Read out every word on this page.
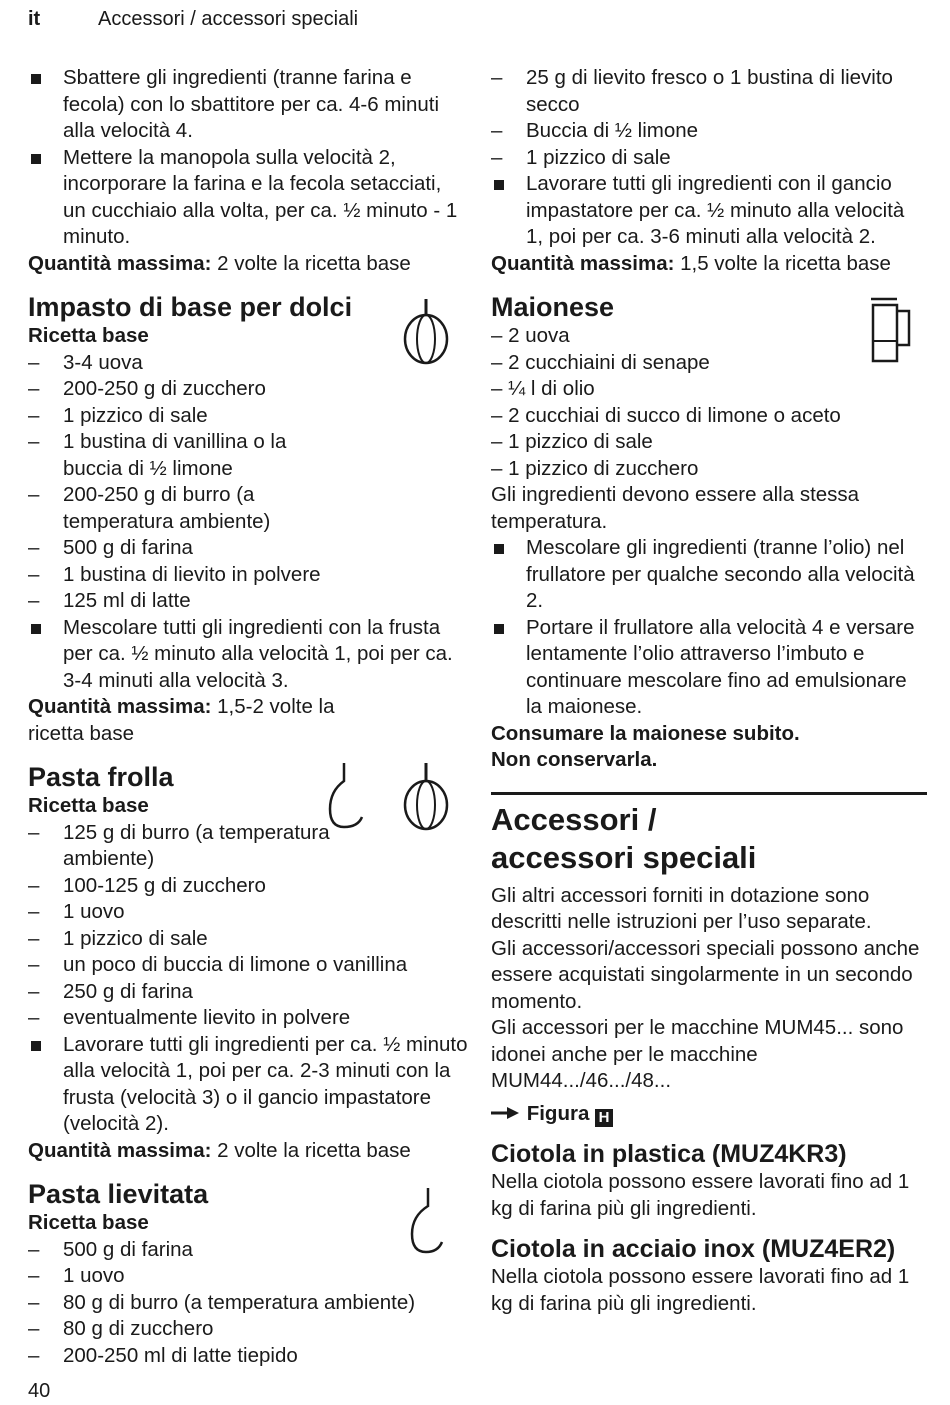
it	Accessori / accessori speciali
Sbattere gli ingredienti (tranne farina e fecola) con lo sbattitore per ca. 4-6 minuti alla velocità 4.
Mettere la manopola sulla velocità 2, incorporare la farina e la fecola setacciati, un cucchiaio alla volta, per ca. ½ minuto - 1 minuto.
Quantità massima: 2 volte la ricetta base
Impasto di base per dolci
Ricetta base
– 3-4 uova
– 200-250 g di zucchero
– 1 pizzico di sale
– 1 bustina di vanillina o la buccia di ½ limone
– 200-250 g di burro (a temperatura ambiente)
– 500 g di farina
– 1 bustina di lievito in polvere
– 125 ml di latte
Mescolare tutti gli ingredienti con la frusta per ca. ½ minuto alla velocità 1, poi per ca. 3-4 minuti alla velocità 3.
Quantità massima: 1,5-2 volte la ricetta base
Pasta frolla
Ricetta base
– 125 g di burro (a temperatura ambiente)
– 100-125 g di zucchero
– 1 uovo
– 1 pizzico di sale
– un poco di buccia di limone o vanillina
– 250 g di farina
– eventualmente lievito in polvere
Lavorare tutti gli ingredienti per ca. ½ minuto alla velocità 1, poi per ca. 2-3 minuti con la frusta (velocità 3) o il gancio impastatore (velocità 2).
Quantità massima: 2 volte la ricetta base
Pasta lievitata
Ricetta base
– 500 g di farina
– 1 uovo
– 80 g di burro (a temperatura ambiente)
– 80 g di zucchero
– 200-250 ml di latte tiepido
– 25 g di lievito fresco o 1 bustina di lievito secco
– Buccia di ½ limone
– 1 pizzico di sale
Lavorare tutti gli ingredienti con il gancio impastatore per ca. ½ minuto alla velocità 1, poi per ca. 3-6 minuti alla velocità 2.
Quantità massima: 1,5 volte la ricetta base
Maionese
– 2 uova
– 2 cucchiaini di senape
– ¼ l di olio
– 2 cucchiai di succo di limone o aceto
– 1 pizzico di sale
– 1 pizzico di zucchero
Gli ingredienti devono essere alla stessa temperatura.
Mescolare gli ingredienti (tranne l’olio) nel frullatore per qualche secondo alla velocità 2.
Portare il frullatore alla velocità 4 e versare lentamente l’olio attraverso l’imbuto e continuare mescolare fino ad emulsionare la maionese.
Consumare la maionese subito.
Non conservarla.
Accessori /
accessori speciali
Gli altri accessori forniti in dotazione sono descritti nelle istruzioni per l’uso separate.
Gli accessori/accessori speciali possono anche essere acquistati singolarmente in un secondo momento.
Gli accessori per le macchine MUM45... sono idonei anche per le macchine MUM44.../46.../48...
Figura H
Ciotola in plastica (MUZ4KR3)
Nella ciotola possono essere lavorati fino ad 1 kg di farina più gli ingredienti.
Ciotola in acciaio inox (MUZ4ER2)
Nella ciotola possono essere lavorati fino ad 1 kg di farina più gli ingredienti.
40
